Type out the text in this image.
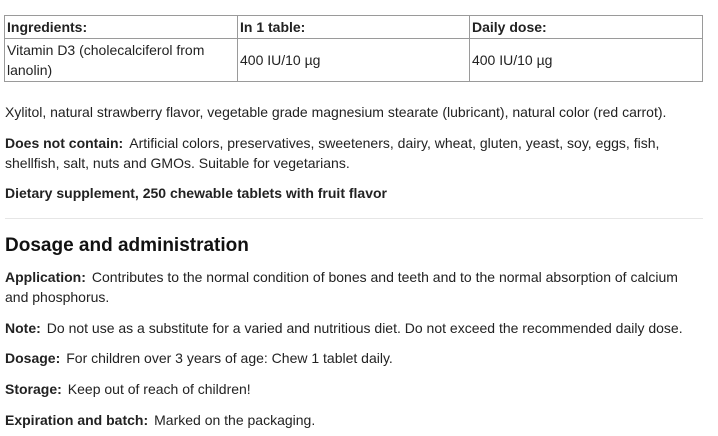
Ingredients:	In 1 table:	Daily dose:
Vitamin D3 (cholecalciferol from lanolin)	400 IU/10 µg	400 IU/10 µg

Xylitol, natural strawberry flavor, vegetable grade magnesium stearate (lubricant), natural color (red carrot).

Does not contain: Artificial colors, preservatives, sweeteners, dairy, wheat, gluten, yeast, soy, eggs, fish, shellfish, salt, nuts and GMOs. Suitable for vegetarians.

Dietary supplement, 250 chewable tablets with fruit flavor

Dosage and administration

Application: Contributes to the normal condition of bones and teeth and to the normal absorption of calcium and phosphorus.

Note: Do not use as a substitute for a varied and nutritious diet. Do not exceed the recommended daily dose.

Dosage: For children over 3 years of age: Chew 1 tablet daily.

Storage: Keep out of reach of children!

Expiration and batch: Marked on the packaging.
